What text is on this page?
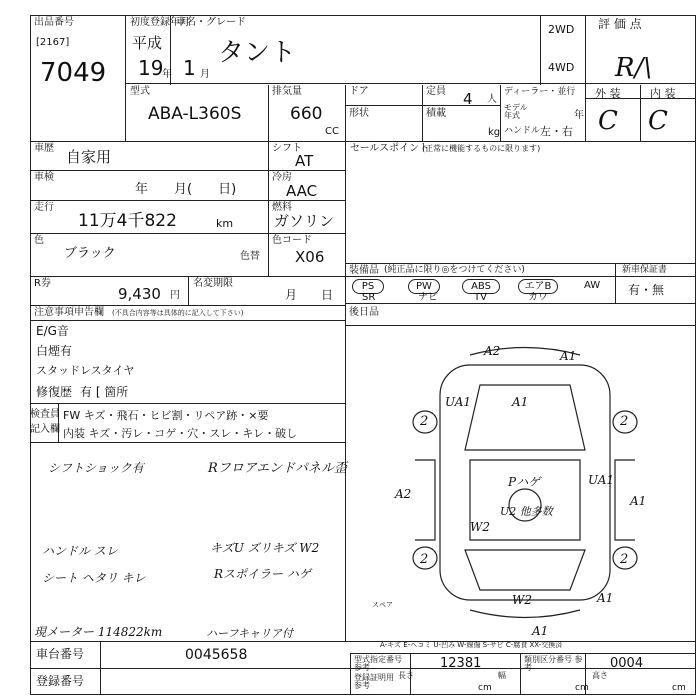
出品番号
[2167]
7049
初度登録年月
平成
19
年 1 月
車名・グレード
タント
2WD
4WD
評 価 点
R/\
外 装	内 装
C C
型式
ABA-L360S
排気量
660
CC
ドア
形状
定員 4 人
積載
kg
ディーラー・並行
モデル年式	年
ハンドル 左・右
車歴 自家用
車検
年　　月(　　日)
走行
11万4千822	km
色
ブラック	色替
R券
9,430 円
名変期限
月　　日
注意事項申告欄 (不具合内容等は具体的に記入して下さい)
E/G音
白煙有
スタッドレスタイヤ
修復歴 有 [ 箇所
シフト
AT
冷房
AAC
燃料
ガソリン
色コード
X06
セールスポイント
(正常に機能するものに限ります)
装備品 (純正品に限り◎をつけてください)
PS	PW	ABS	エアB	AW
SR	ナビ	TV	カワ
新車保証書
有・無
後日品
検査員
記入欄
FW キズ・飛石・ヒビ割・リペア跡・×要
内装 キズ・汚レ・コゲ・穴・スレ・キレ・破し
シフトショック有	Rフロアエンドパネル歪
ハンドル スレ	キズU ズリキズ W2
シート ヘタリ キレ	Rスポイラー ハゲ
現メーター 114822km	ハーフキャリア付
A2	A1
UA1	A1
2	2
A2
Pハゲ
U2 他多数
UA1
A1
W2
2	2
W2	A1
A1
スペア
A-キズ E-ヘコミ U-凹み W-線傷 S-サビ C-腐食 XX-交換済
車台番号	0045658
登録番号
型式指定番号 参考	12381	類別区分番号 参考	0004
登録証明用 参考
長さ
cm
幅
cm
高さ
cm
